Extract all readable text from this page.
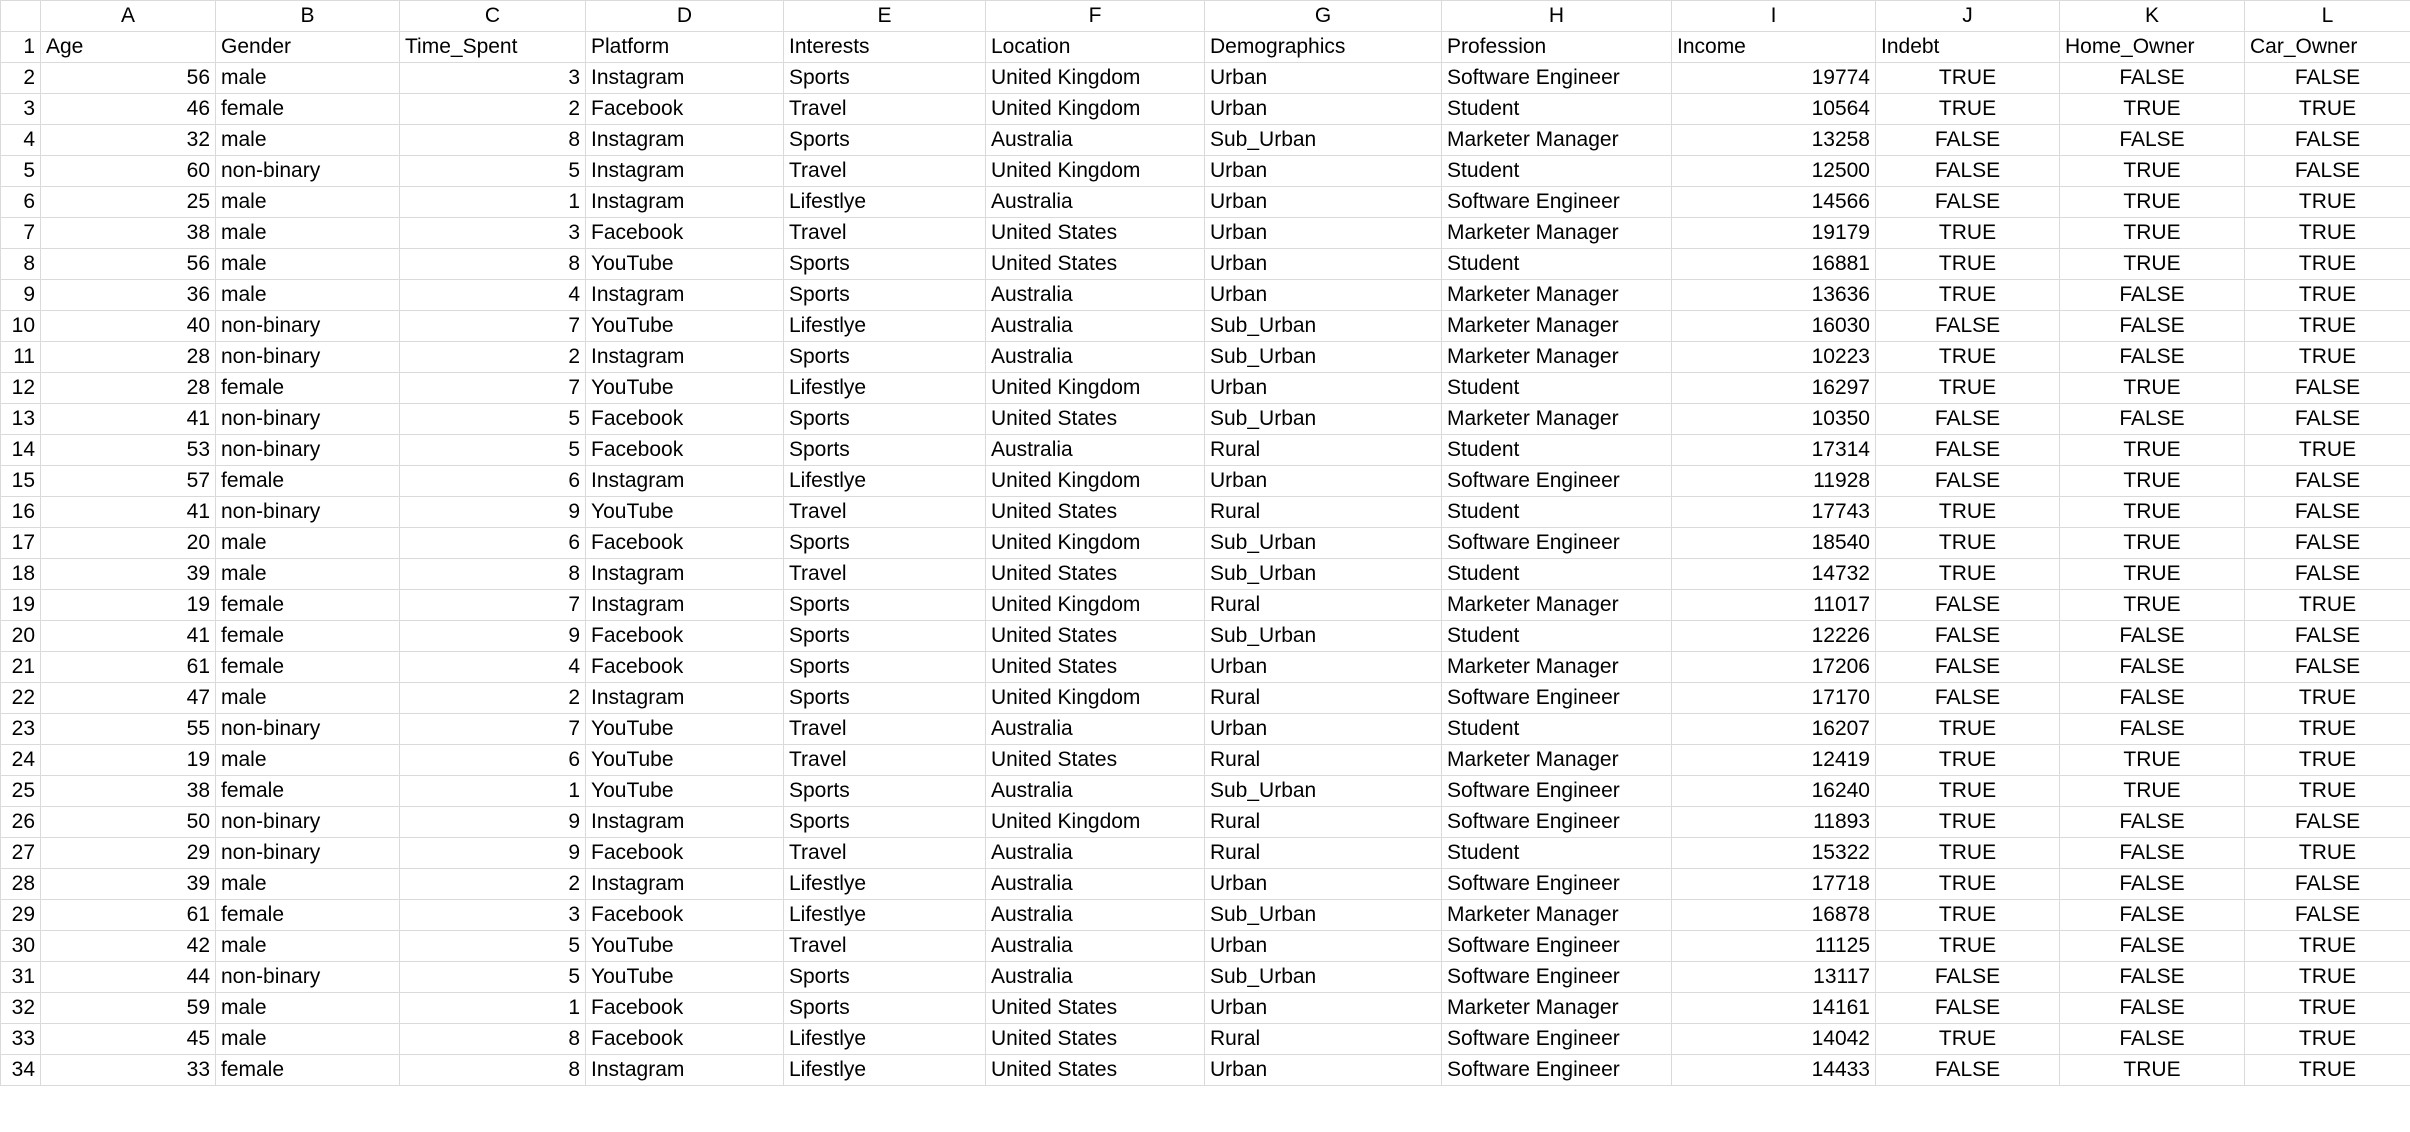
	A	B	C	D	E	F	G	H	I	J	K	L
1	Age	Gender	Time_Spent	Platform	Interests	Location	Demographics	Profession	Income	Indebt	Home_Owner	Car_Owner
2	56	male	3	Instagram	Sports	United Kingdom	Urban	Software Engineer	19774	TRUE	FALSE	FALSE
3	46	female	2	Facebook	Travel	United Kingdom	Urban	Student	10564	TRUE	TRUE	TRUE
4	32	male	8	Instagram	Sports	Australia	Sub_Urban	Marketer Manager	13258	FALSE	FALSE	FALSE
5	60	non-binary	5	Instagram	Travel	United Kingdom	Urban	Student	12500	FALSE	TRUE	FALSE
6	25	male	1	Instagram	Lifestlye	Australia	Urban	Software Engineer	14566	FALSE	TRUE	TRUE
7	38	male	3	Facebook	Travel	United States	Urban	Marketer Manager	19179	TRUE	TRUE	TRUE
8	56	male	8	YouTube	Sports	United States	Urban	Student	16881	TRUE	TRUE	TRUE
9	36	male	4	Instagram	Sports	Australia	Urban	Marketer Manager	13636	TRUE	FALSE	TRUE
10	40	non-binary	7	YouTube	Lifestlye	Australia	Sub_Urban	Marketer Manager	16030	FALSE	FALSE	TRUE
11	28	non-binary	2	Instagram	Sports	Australia	Sub_Urban	Marketer Manager	10223	TRUE	FALSE	TRUE
12	28	female	7	YouTube	Lifestlye	United Kingdom	Urban	Student	16297	TRUE	TRUE	FALSE
13	41	non-binary	5	Facebook	Sports	United States	Sub_Urban	Marketer Manager	10350	FALSE	FALSE	FALSE
14	53	non-binary	5	Facebook	Sports	Australia	Rural	Student	17314	FALSE	TRUE	TRUE
15	57	female	6	Instagram	Lifestlye	United Kingdom	Urban	Software Engineer	11928	FALSE	TRUE	FALSE
16	41	non-binary	9	YouTube	Travel	United States	Rural	Student	17743	TRUE	TRUE	FALSE
17	20	male	6	Facebook	Sports	United Kingdom	Sub_Urban	Software Engineer	18540	TRUE	TRUE	FALSE
18	39	male	8	Instagram	Travel	United States	Sub_Urban	Student	14732	TRUE	TRUE	FALSE
19	19	female	7	Instagram	Sports	United Kingdom	Rural	Marketer Manager	11017	FALSE	TRUE	TRUE
20	41	female	9	Facebook	Sports	United States	Sub_Urban	Student	12226	FALSE	FALSE	FALSE
21	61	female	4	Facebook	Sports	United States	Urban	Marketer Manager	17206	FALSE	FALSE	FALSE
22	47	male	2	Instagram	Sports	United Kingdom	Rural	Software Engineer	17170	FALSE	FALSE	TRUE
23	55	non-binary	7	YouTube	Travel	Australia	Urban	Student	16207	TRUE	FALSE	TRUE
24	19	male	6	YouTube	Travel	United States	Rural	Marketer Manager	12419	TRUE	TRUE	TRUE
25	38	female	1	YouTube	Sports	Australia	Sub_Urban	Software Engineer	16240	TRUE	TRUE	TRUE
26	50	non-binary	9	Instagram	Sports	United Kingdom	Rural	Software Engineer	11893	TRUE	FALSE	FALSE
27	29	non-binary	9	Facebook	Travel	Australia	Rural	Student	15322	TRUE	FALSE	TRUE
28	39	male	2	Instagram	Lifestlye	Australia	Urban	Software Engineer	17718	TRUE	FALSE	FALSE
29	61	female	3	Facebook	Lifestlye	Australia	Sub_Urban	Marketer Manager	16878	TRUE	FALSE	FALSE
30	42	male	5	YouTube	Travel	Australia	Urban	Software Engineer	11125	TRUE	FALSE	TRUE
31	44	non-binary	5	YouTube	Sports	Australia	Sub_Urban	Software Engineer	13117	FALSE	FALSE	TRUE
32	59	male	1	Facebook	Sports	United States	Urban	Marketer Manager	14161	FALSE	FALSE	TRUE
33	45	male	8	Facebook	Lifestlye	United States	Rural	Software Engineer	14042	TRUE	FALSE	TRUE
34	33	female	8	Instagram	Lifestlye	United States	Urban	Software Engineer	14433	FALSE	TRUE	TRUE
